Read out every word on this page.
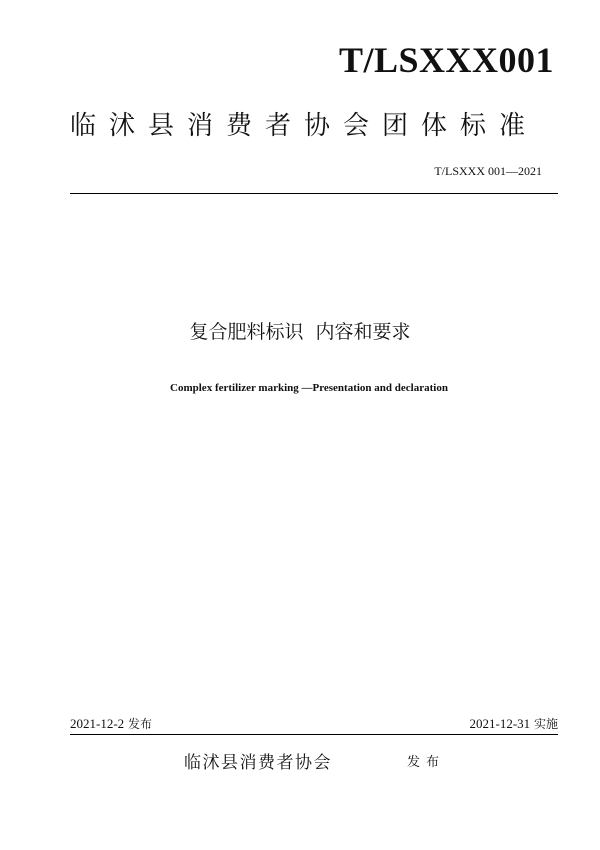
T/LSXXX001
临沭县消费者协会团体标准
T/LSXXX 001—2021
复合肥料标识  内容和要求
Complex fertilizer marking —Presentation and declaration
2021-12-2 发布	2021-12-31 实施
临沭县消费者协会	发布
